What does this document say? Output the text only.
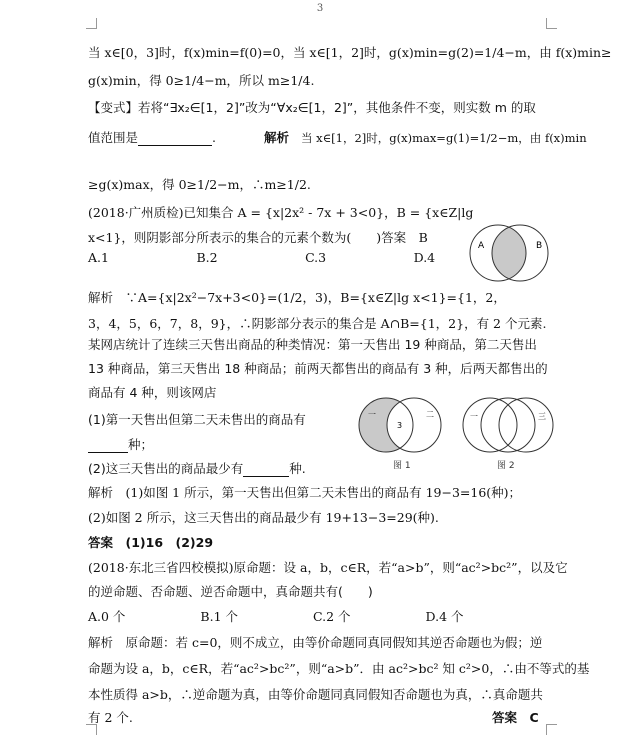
3
当 x∈[0，3]时，f(x)min=f(0)=0，当 x∈[1，2]时，g(x)min=g(2)=1/4−m，由 f(x)min≥
g(x)min，得 0≥1/4−m，所以 m≥1/4.
【变式】若将“∃x₂∈[1，2]”改为“∀x₂∈[1，2]”，其他条件不变，则实数 m 的取
值范围是	.	解析 当 x∈[1，2]时，g(x)max=g(1)=1/2−m，由 f(x)min
≥g(x)max，得 0≥1/2−m，∴m≥1/2.
(2018·广州质检)已知集合 A = {x|2x² - 7x + 3<0}，B = {x∈Z|lg
x<1}，则阴影部分所表示的集合的元素个数为(　　)答案　B
A.1　　　　　　　B.2　　　　　　　C.3　　　　　　　D.4
A	B
解析　∵A={x|2x²−7x+3<0}=(1/2，3)，B={x∈Z|lg x<1}={1，2，
3，4，5，6，7，8，9}，∴阴影部分表示的集合是 A∩B={1，2}，有 2 个元素.
某网店统计了连续三天售出商品的种类情况：第一天售出 19 种商品，第二天售出
13 种商品，第三天售出 18 种商品；前两天都售出的商品有 3 种，后两天都售出的
商品有 4 种，则该网店
(1)第一天售出但第二天未售出的商品有
种；
(2)这三天售出的商品最少有	种.
一
3
二
图 1
一	三
图 2
解析　(1)如图 1 所示，第一天售出但第二天未售出的商品有 19−3=16(种)；
(2)如图 2 所示，这三天售出的商品最少有 19+13−3=29(种).
答案　(1)16　(2)29
(2018·东北三省四校模拟)原命题：设 a，b，c∈R，若“a>b”，则“ac²>bc²”，以及它
的逆命题、否命题、逆否命题中，真命题共有(　　)
A.0 个　　　　　　B.1 个　　　　　　C.2 个　　　　　　D.4 个
解析　原命题：若 c=0，则不成立，由等价命题同真同假知其逆否命题也为假；逆
命题为设 a，b，c∈R，若“ac²>bc²”，则“a>b”．由 ac²>bc² 知 c²>0，∴由不等式的基
本性质得 a>b，∴逆命题为真，由等价命题同真同假知否命题也为真，∴真命题共
有 2 个.	答案　C
